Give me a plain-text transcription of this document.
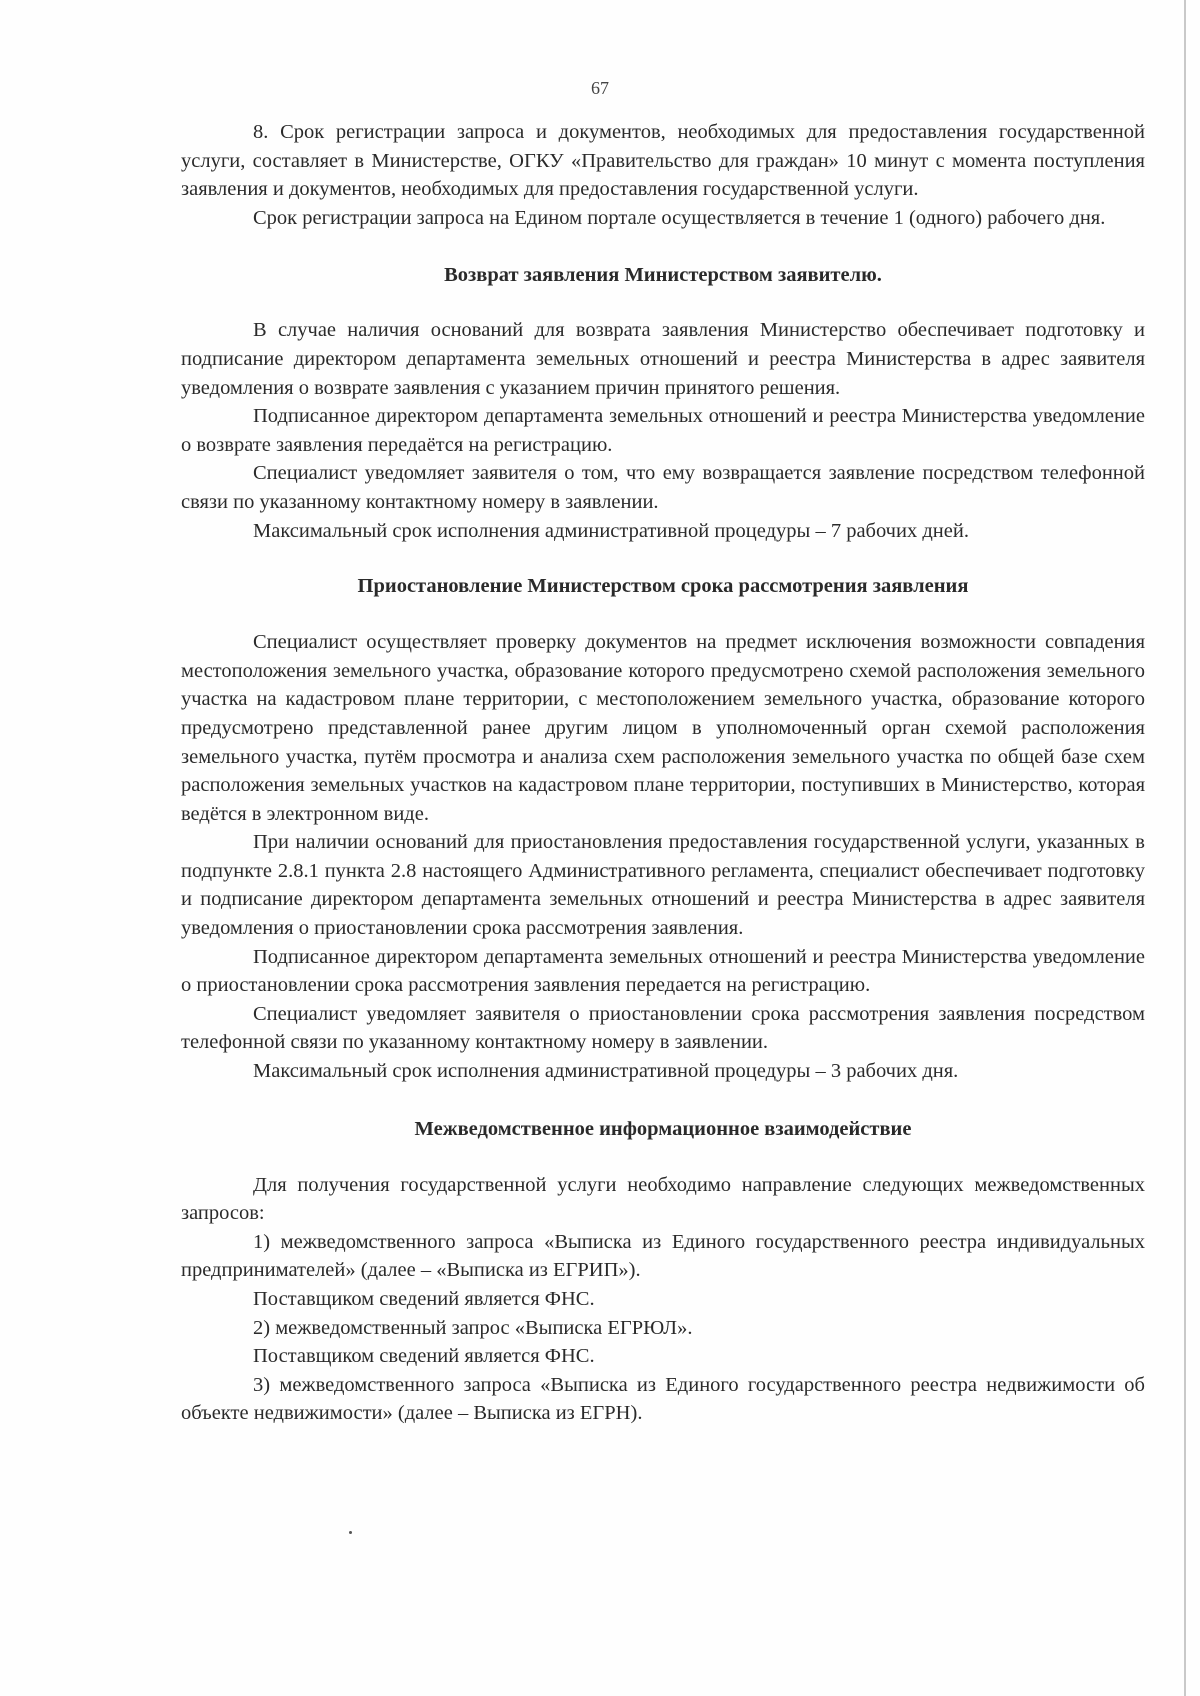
67

8. Срок регистрации запроса и документов, необходимых для предоставления государственной услуги, составляет в Министерстве, ОГКУ «Правительство для граждан» 10 минут с момента поступления заявления и документов, необходимых для предоставления государственной услуги.

Срок регистрации запроса на Едином портале осуществляется в течение 1 (одного) рабочего дня.

Возврат заявления Министерством заявителю.

В случае наличия оснований для возврата заявления Министерство обеспечивает подготовку и подписание директором департамента земельных отношений и реестра Министерства в адрес заявителя уведомления о возврате заявления с указанием причин принятого решения.

Подписанное директором департамента земельных отношений и реестра Министерства уведомление о возврате заявления передаётся на регистрацию.

Специалист уведомляет заявителя о том, что ему возвращается заявление посредством телефонной связи по указанному контактному номеру в заявлении.

Максимальный срок исполнения административной процедуры – 7 рабочих дней.

Приостановление Министерством срока рассмотрения заявления

Специалист осуществляет проверку документов на предмет исключения возможности совпадения местоположения земельного участка, образование которого предусмотрено схемой расположения земельного участка на кадастровом плане территории, с местоположением земельного участка, образование которого предусмотрено представленной ранее другим лицом в уполномоченный орган схемой расположения земельного участка, путём просмотра и анализа схем расположения земельного участка по общей базе схем расположения земельных участков на кадастровом плане территории, поступивших в Министерство, которая ведётся в электронном виде.

При наличии оснований для приостановления предоставления государственной услуги, указанных в подпункте 2.8.1 пункта 2.8 настоящего Административного регламента, специалист обеспечивает подготовку и подписание директором департамента земельных отношений и реестра Министерства в адрес заявителя уведомления о приостановлении срока рассмотрения заявления.

Подписанное директором департамента земельных отношений и реестра Министерства уведомление о приостановлении срока рассмотрения заявления передается на регистрацию.

Специалист уведомляет заявителя о приостановлении срока рассмотрения заявления посредством телефонной связи по указанному контактному номеру в заявлении.

Максимальный срок исполнения административной процедуры – 3 рабочих дня.

Межведомственное информационное взаимодействие

Для получения государственной услуги необходимо направление следующих межведомственных запросов:

1) межведомственного запроса «Выписка из Единого государственного реестра индивидуальных предпринимателей» (далее – «Выписка из ЕГРИП»).

Поставщиком сведений является ФНС.

2) межведомственный запрос «Выписка ЕГРЮЛ».

Поставщиком сведений является ФНС.

3) межведомственного запроса «Выписка из Единого государственного реестра недвижимости об объекте недвижимости» (далее – Выписка из ЕГРН).
